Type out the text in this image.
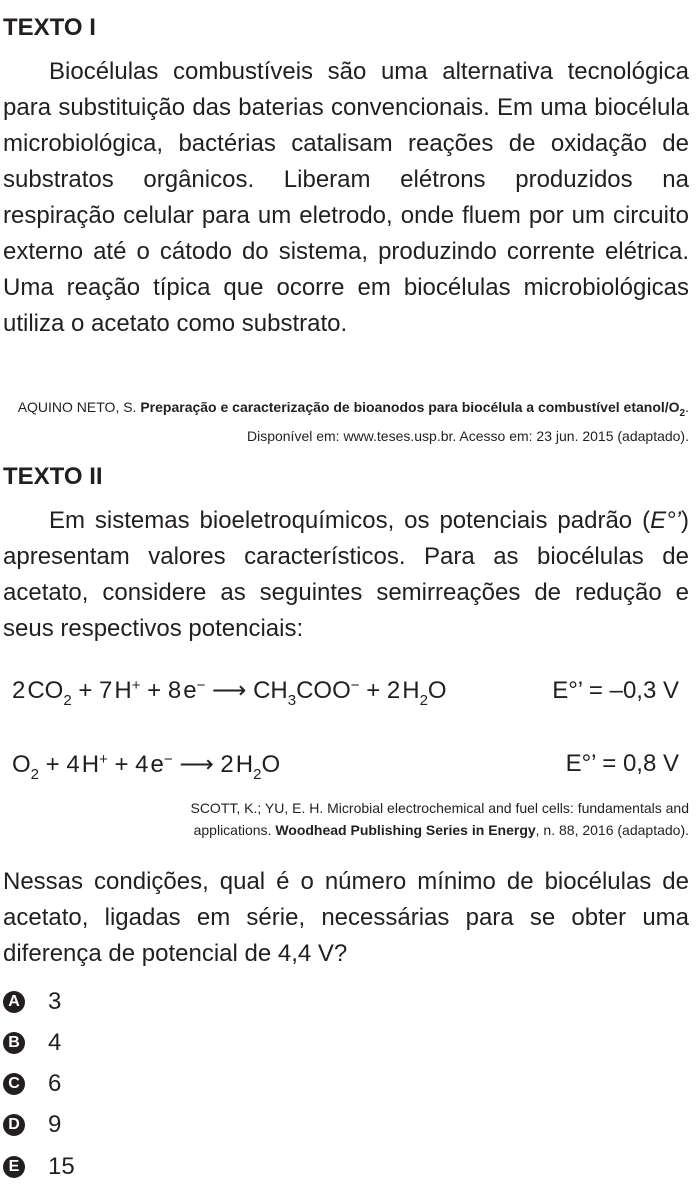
TEXTO I

Biocélulas combustíveis são uma alternativa tecnológica para substituição das baterias convencionais. Em uma biocélula microbiológica, bactérias catalisam reações de oxidação de substratos orgânicos. Liberam elétrons produzidos na respiração celular para um eletrodo, onde fluem por um circuito externo até o cátodo do sistema, produzindo corrente elétrica. Uma reação típica que ocorre em biocélulas microbiológicas utiliza o acetato como substrato.

AQUINO NETO, S. Preparação e caracterização de bioanodos para biocélula a combustível etanol/$O_2$. Disponível em: www.teses.usp.br. Acesso em: 23 jun. 2015 (adaptado).
TEXTO II

Em sistemas bioeletroquímicos, os potenciais padrão (E°’) apresentam valores característicos. Para as biocélulas de acetato, considere as seguintes semirreações de redução e seus respectivos potenciais:

2 $CO_2 + 7$ H+ + 8 e− ⟶ $CH_3COO^- + 2$ $H_2O$	E°’ = –0,3 V
$O_2 + 4$ H+ + 4 e− ⟶ 2 $H_2O$	E°’ = 0,8 V
SCOTT, K.; YU, E. H. Microbial electrochemical and fuel cells: fundamentals and
applications. Woodhead Publishing Series in Energy, n. 88, 2016 (adaptado).

Nessas condições, qual é o número mínimo de biocélulas de acetato, ligadas em série, necessárias para se obter uma diferença de potencial de 4,4 V?

A 3
B 4
C 6
D 9
E 15
